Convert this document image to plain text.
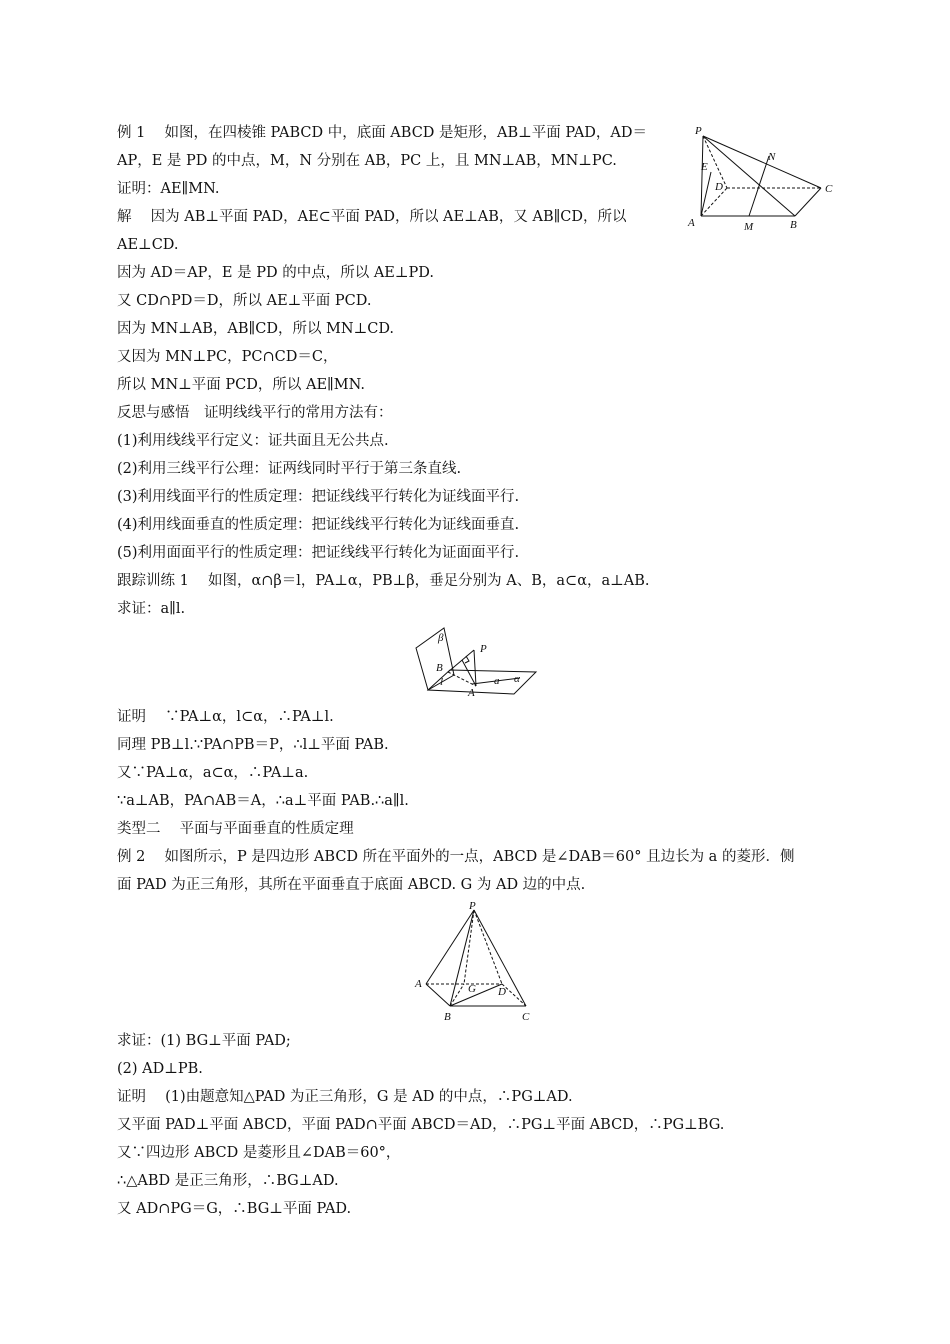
例 1　 如图，在四棱锥 PABCD 中，底面 ABCD 是矩形，AB⊥平面 PAD，AD＝
AP，E 是 PD 的中点，M，N 分别在 AB，PC 上，且 MN⊥AB，MN⊥PC.
证明：AE∥MN.
解　 因为 AB⊥平面 PAD，AE⊂平面 PAD，所以 AE⊥AB，又 AB∥CD，所以
AE⊥CD.
因为 AD＝AP，E 是 PD 的中点，所以 AE⊥PD.
又 CD∩PD＝D，所以 AE⊥平面 PCD.
因为 MN⊥AB，AB∥CD，所以 MN⊥CD.
又因为 MN⊥PC，PC∩CD＝C，
所以 MN⊥平面 PCD，所以 AE∥MN.
P
E
D
N
C
A	M	B
反思与感悟　证明线线平行的常用方法有：
(1)利用线线平行定义：证共面且无公共点.
(2)利用三线平行公理：证两线同时平行于第三条直线.
(3)利用线面平行的性质定理：把证线线平行转化为证线面平行.
(4)利用线面垂直的性质定理：把证线线平行转化为证线面垂直.
(5)利用面面平行的性质定理：把证线线平行转化为证面面平行.
跟踪训练 1　 如图，α∩β＝l，PA⊥α，PB⊥β，垂足分别为 A、B，a⊂α，a⊥AB.
求证：a∥l.
β
P
B
l
A
a α
证明　 ∵PA⊥α，l⊂α，∴PA⊥l.
同理 PB⊥l.∵PA∩PB＝P，∴l⊥平面 PAB.
又∵PA⊥α，a⊂α，∴PA⊥a.
∵a⊥AB，PA∩AB＝A，∴a⊥平面 PAB.∴a∥l.
类型二　 平面与平面垂直的性质定理
例 2　 如图所示，P 是四边形 ABCD 所在平面外的一点，ABCD 是∠DAB＝60° 且边长为 a 的菱形．侧
面 PAD 为正三角形，其所在平面垂直于底面 ABCD. G 为 AD 边的中点.
P
A	G D
B	C
求证：(1) BG⊥平面 PAD;
(2) AD⊥PB.
证明　 (1)由题意知△PAD 为正三角形，G 是 AD 的中点，∴PG⊥AD.
又平面 PAD⊥平面 ABCD，平面 PAD∩平面 ABCD＝AD，∴PG⊥平面 ABCD，∴PG⊥BG.
又∵四边形 ABCD 是菱形且∠DAB＝60°，
∴△ABD 是正三角形，∴BG⊥AD.
又 AD∩PG＝G，∴BG⊥平面 PAD.
